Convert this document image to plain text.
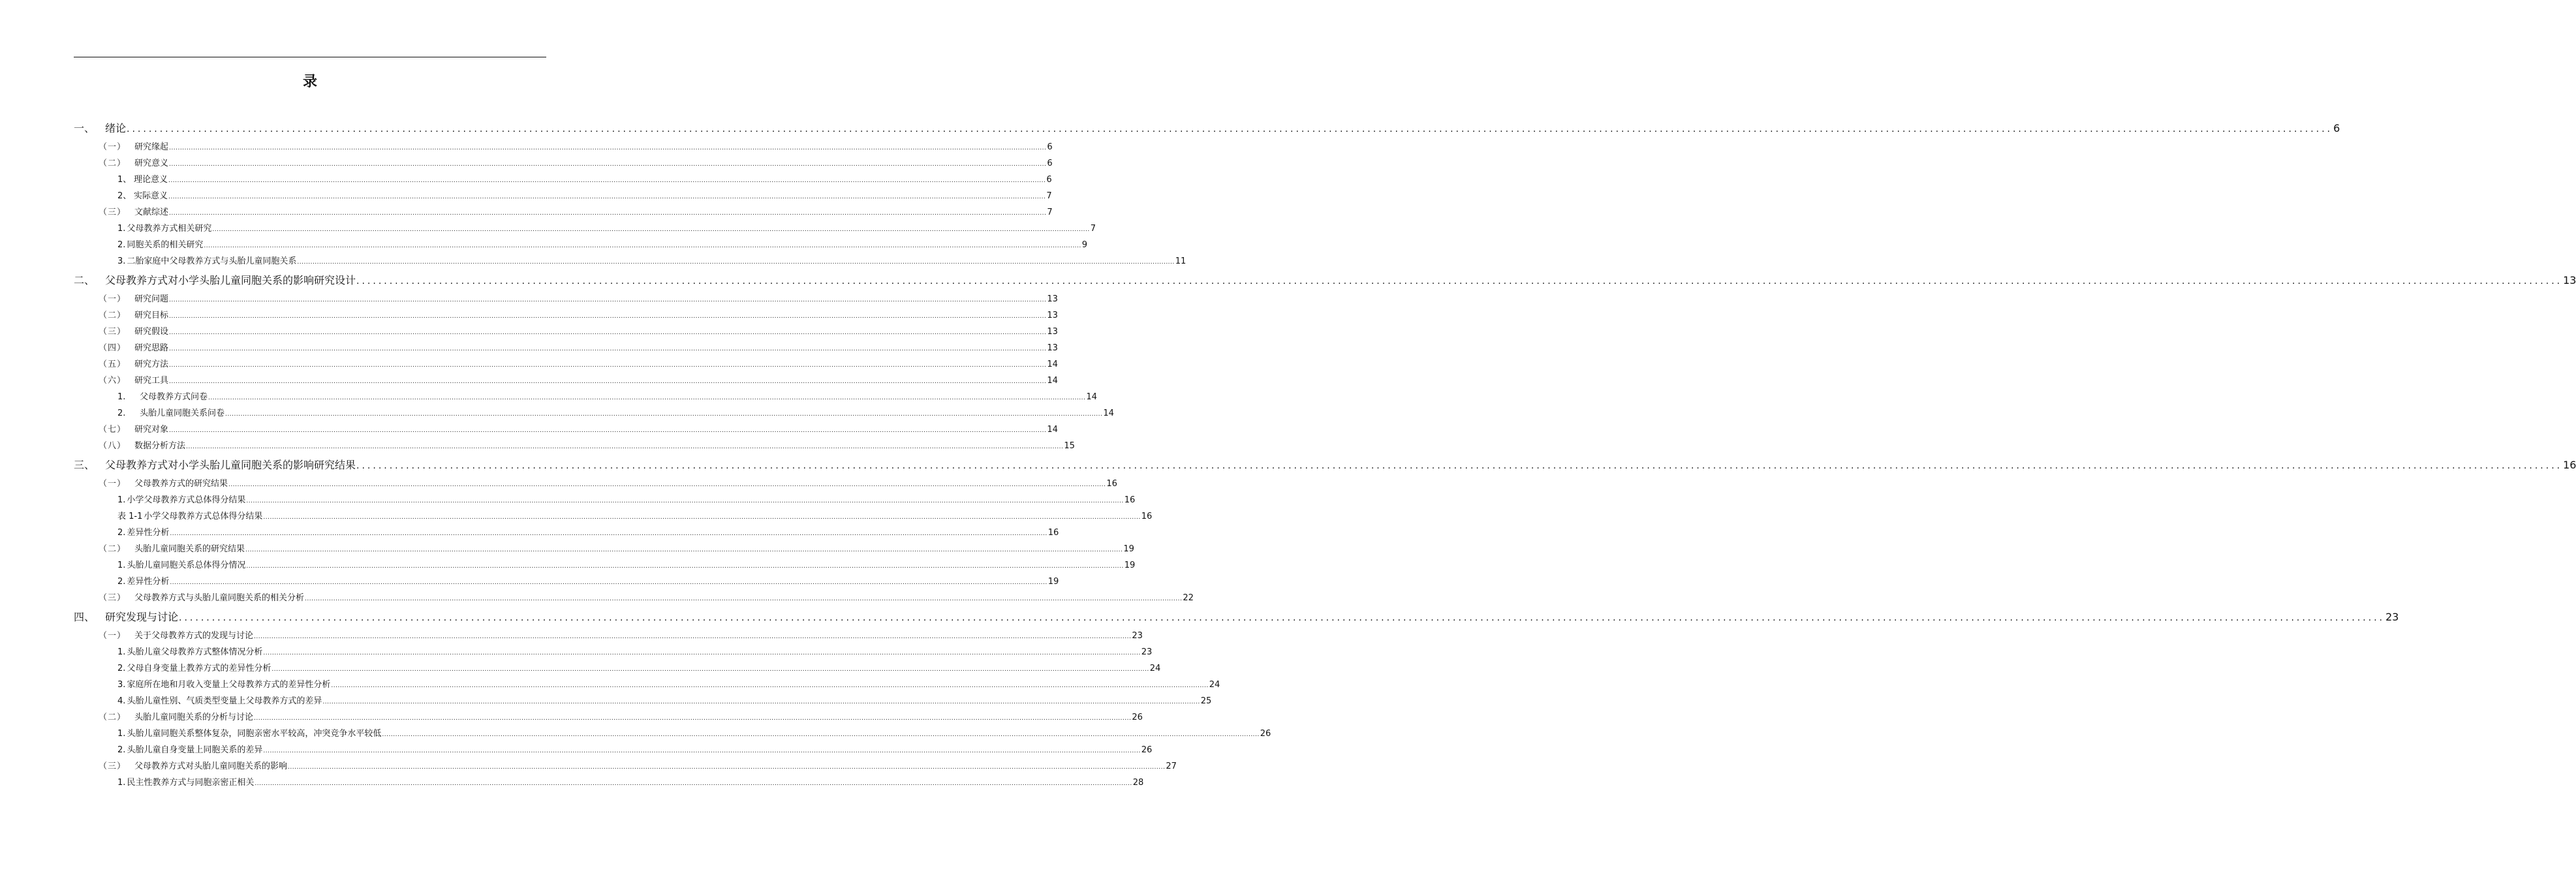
录
一、 绪论 ................................................................................................................................................................................................................................................................................................................................................................................................................ 6
（一） 研究缘起 ................................................................................................................................................................................................................................................................................................................................................................................................................ 6
（二） 研究意义 ................................................................................................................................................................................................................................................................................................................................................................................................................ 6
1、理论意义 ................................................................................................................................................................................................................................................................................................................................................................................................................ 6
2、实际意义 ................................................................................................................................................................................................................................................................................................................................................................................................................ 7
（三） 文献综述 ................................................................................................................................................................................................................................................................................................................................................................................................................ 7
1. 父母教养方式相关研究 ................................................................................................................................................................................................................................................................................................................................................................................................................ 7
2. 同胞关系的相关研究 ................................................................................................................................................................................................................................................................................................................................................................................................................ 9
3. 二胎家庭中父母教养方式与头胎儿童同胞关系 ................................................................................................................................................................................................................................................................................................................................................................................................................ 11
二、 父母教养方式对小学头胎儿童同胞关系的影响研究设计 ................................................................................................................................................................................................................................................................................................................................................................................................................ 13
（一） 研究问题 ................................................................................................................................................................................................................................................................................................................................................................................................................ 13
（二） 研究目标 ................................................................................................................................................................................................................................................................................................................................................................................................................ 13
（三） 研究假设 ................................................................................................................................................................................................................................................................................................................................................................................................................ 13
（四） 研究思路 ................................................................................................................................................................................................................................................................................................................................................................................................................ 13
（五） 研究方法 ................................................................................................................................................................................................................................................................................................................................................................................................................ 14
（六） 研究工具 ................................................................................................................................................................................................................................................................................................................................................................................................................ 14
1. 父母教养方式问卷 ................................................................................................................................................................................................................................................................................................................................................................................................................ 14
2. 头胎儿童同胞关系问卷 ................................................................................................................................................................................................................................................................................................................................................................................................................ 14
（七） 研究对象 ................................................................................................................................................................................................................................................................................................................................................................................................................ 14
（八） 数据分析方法 ................................................................................................................................................................................................................................................................................................................................................................................................................ 15
三、 父母教养方式对小学头胎儿童同胞关系的影响研究结果 ................................................................................................................................................................................................................................................................................................................................................................................................................ 16
（一） 父母教养方式的研究结果 ................................................................................................................................................................................................................................................................................................................................................................................................................ 16
1. 小学父母教养方式总体得分结果 ................................................................................................................................................................................................................................................................................................................................................................................................................ 16
表 1-1小学父母教养方式总体得分结果 ................................................................................................................................................................................................................................................................................................................................................................................................................ 16
2. 差异性分析 ................................................................................................................................................................................................................................................................................................................................................................................................................ 16
（二） 头胎儿童同胞关系的研究结果 ................................................................................................................................................................................................................................................................................................................................................................................................................ 19
1. 头胎儿童同胞关系总体得分情况 ................................................................................................................................................................................................................................................................................................................................................................................................................ 19
2. 差异性分析 ................................................................................................................................................................................................................................................................................................................................................................................................................ 19
（三） 父母教养方式与头胎儿童同胞关系的相关分析 ................................................................................................................................................................................................................................................................................................................................................................................................................ 22
四、 研究发现与讨论 ................................................................................................................................................................................................................................................................................................................................................................................................................ 23
（一） 关于父母教养方式的发现与讨论 ................................................................................................................................................................................................................................................................................................................................................................................................................ 23
1. 头胎儿童父母教养方式整体情况分析 ................................................................................................................................................................................................................................................................................................................................................................................................................ 23
2. 父母自身变量上教养方式的差异性分析 ................................................................................................................................................................................................................................................................................................................................................................................................................ 24
3. 家庭所在地和月收入变量上父母教养方式的差异性分析 ................................................................................................................................................................................................................................................................................................................................................................................................................ 24
4. 头胎儿童性别、气质类型变量上父母教养方式的差异 ................................................................................................................................................................................................................................................................................................................................................................................................................ 25
（二） 头胎儿童同胞关系的分析与讨论 ................................................................................................................................................................................................................................................................................................................................................................................................................ 26
1. 头胎儿童同胞关系整体复杂，同胞亲密水平较高，冲突竞争水平较低 ................................................................................................................................................................................................................................................................................................................................................................................................................ 26
2. 头胎儿童自身变量上同胞关系的差异 ................................................................................................................................................................................................................................................................................................................................................................................................................ 26
（三） 父母教养方式对头胎儿童同胞关系的影响 ................................................................................................................................................................................................................................................................................................................................................................................................................ 27
1. 民主性教养方式与同胞亲密正相关 ................................................................................................................................................................................................................................................................................................................................................................................................................ 28
